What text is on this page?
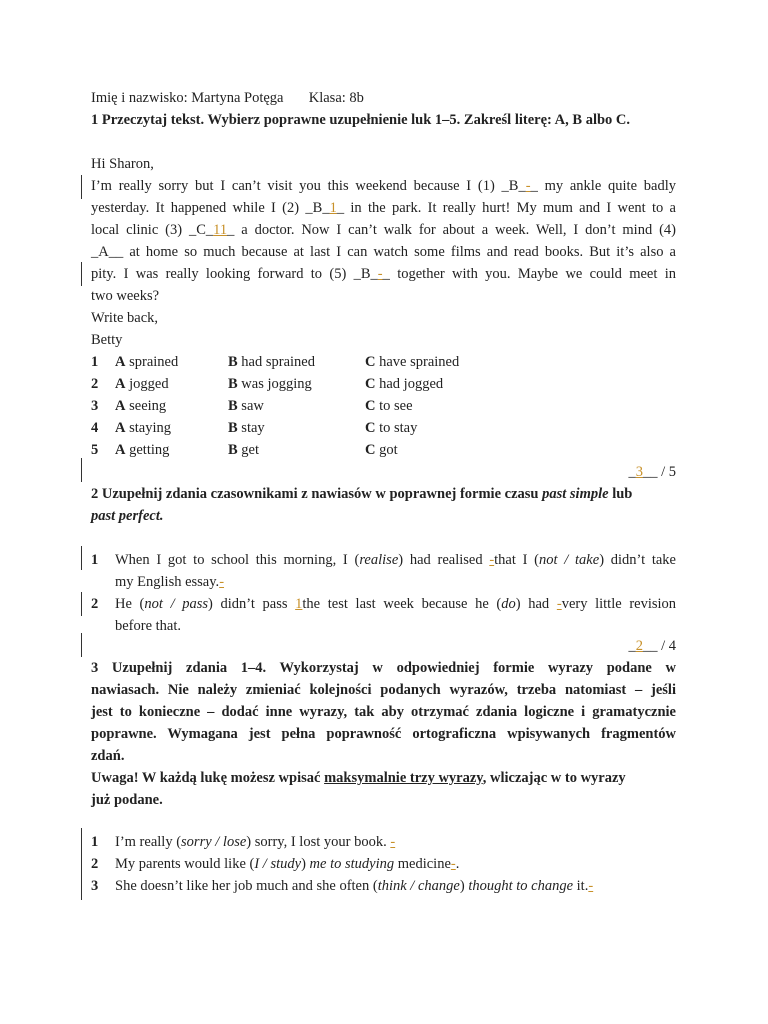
Imię i nazwisko: Martyna Potęga Klasa: 8b
1 Przeczytaj tekst. Wybierz poprawne uzupełnienie luk 1–5. Zakreśl literę: A, B albo C.
Hi Sharon,
I’m really sorry but I can’t visit you this weekend because I (1) _B_-_ my ankle quite badly
yesterday. It happened while I (2) _B_1_ in the park. It really hurt! My mum and I went to a
local clinic (3) _C_11_ a doctor. Now I can’t walk for about a week. Well, I don’t mind (4)
_A__ at home so much because at last I can watch some films and read books. But it’s also a
pity. I was really looking forward to (5) _B_-_ together with you. Maybe we could meet in
two weeks?
Write back,
Betty
1 A sprained	B had sprained	C have sprained
2 A jogged	B was jogging	C had jogged
3 A seeing	B saw	C to see
4 A staying	B stay	C to stay
5 A getting	B get	C got
_3__ / 5
2 Uzupełnij zdania czasownikami z nawiasów w poprawnej formie czasu past simple lub
past perfect.
1 When I got to school this morning, I (realise) had realised -that I (not / take) didn’t take
my English essay.-
2 He (not / pass) didn’t pass 1the test last week because he (do) had -very little revision
before that.
_2__ / 4
3 Uzupełnij zdania 1–4. Wykorzystaj w odpowiedniej formie wyrazy podane w
nawiasach. Nie należy zmieniać kolejności podanych wyrazów, trzeba natomiast – jeśli
jest to konieczne – dodać inne wyrazy, tak aby otrzymać zdania logiczne i gramatycznie
poprawne. Wymagana jest pełna poprawność ortograficzna wpisywanych fragmentów
zdań.
Uwaga! W każdą lukę możesz wpisać maksymalnie trzy wyrazy, wliczając w to wyrazy
już podane.
1 I’m really (sorry / lose) sorry, I lost your book. -
2 My parents would like (I / study) me to studying medicine-.
3 She doesn’t like her job much and she often (think / change) thought to change it.-
